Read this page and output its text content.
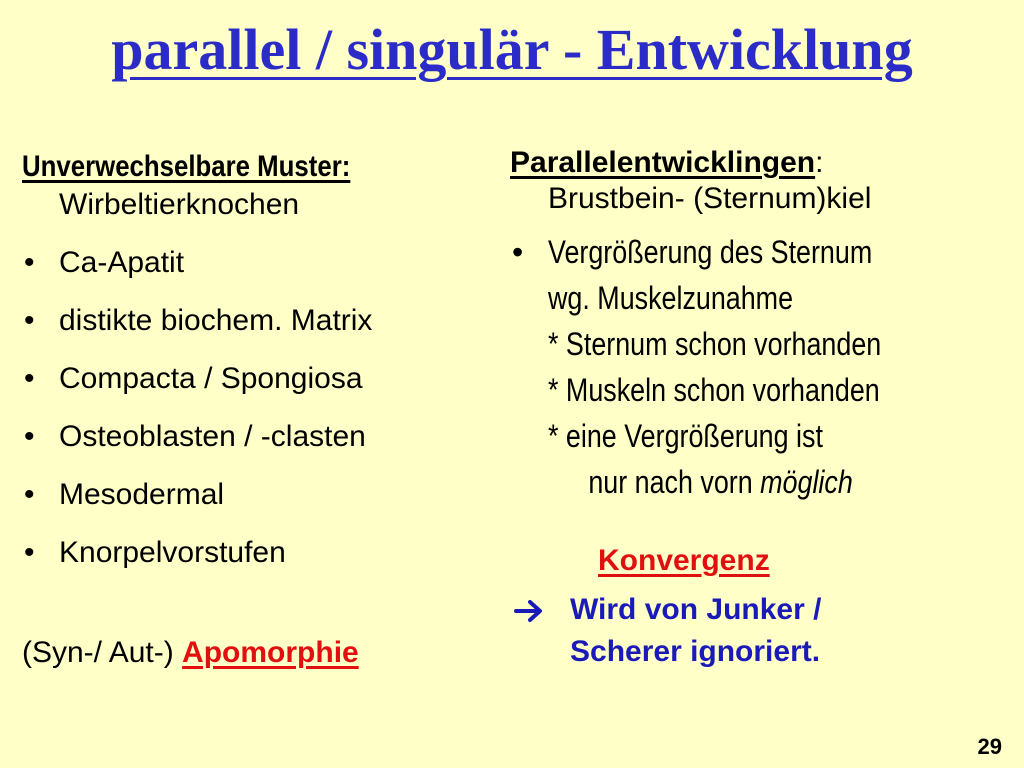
parallel / singulär - Entwicklung
Unverwechselbare Muster:
Wirbeltierknochen
• Ca-Apatit
• distikte biochem. Matrix
• Compacta / Spongiosa
• Osteoblasten / -clasten
• Mesodermal
• Knorpelvorstufen
(Syn-/ Aut-) Apomorphie
Parallelentwicklingen:
Brustbein- (Sternum)kiel
• Vergrößerung des Sternum
wg. Muskelzunahme
* Sternum schon vorhanden
* Muskeln schon vorhanden
* eine Vergrößerung ist
nur nach vorn möglich
Konvergenz
Wird von Junker /
Scherer ignoriert.
29
